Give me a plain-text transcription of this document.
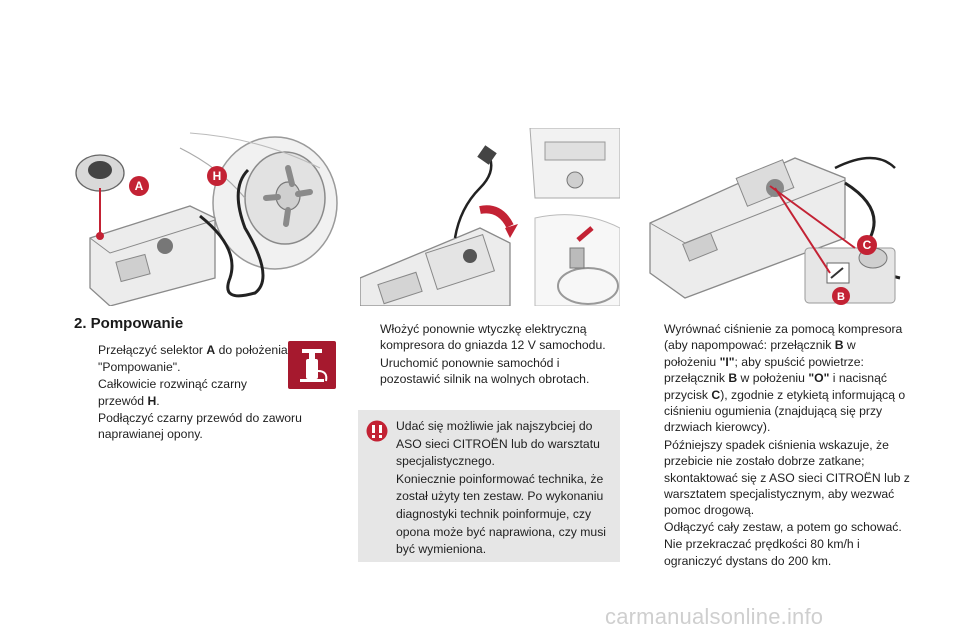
A
H
C
B
2. Pompowanie
Przełączyć selektor A do położenia "Pompowanie".
Całkowicie rozwinąć czarny przewód H.
Podłączyć czarny przewód do zaworu naprawianej opony.
Włożyć ponownie wtyczkę elektryczną kompresora do gniazda 12 V samochodu.
Uruchomić ponownie samochód i pozostawić silnik na wolnych obrotach.
Udać się możliwie jak najszybciej do ASO sieci CITROËN lub do warsztatu specjalistycznego.
Koniecznie poinformować technika, że został użyty ten zestaw. Po wykonaniu diagnostyki technik poinformuje, czy opona może być naprawiona, czy musi być wymieniona.
Wyrównać ciśnienie za pomocą kompresora (aby napompować: przełącznik B w położeniu "I"; aby spuścić powietrze: przełącznik B w położeniu "O" i nacisnąć przycisk C), zgodnie z etykietą informującą o ciśnieniu ogumienia (znajdującą się przy drzwiach kierowcy).

Późniejszy spadek ciśnienia wskazuje, że przebicie nie zostało dobrze zatkane; skontaktować się z ASO sieci CITROËN lub z warsztatem specjalistycznym, aby wezwać pomoc drogową.

Odłączyć cały zestaw, a potem go schować.
Nie przekraczać prędkości 80 km/h i ograniczyć dystans do 200 km.
carmanualsonline.info
